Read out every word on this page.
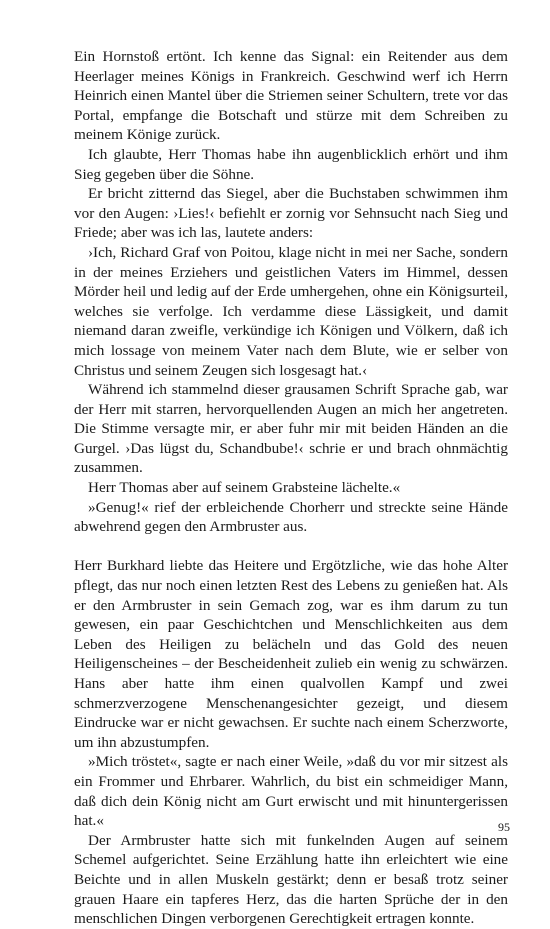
Ein Hornstoß ertönt. Ich kenne das Signal: ein Reitender aus dem Heerlager meines Königs in Frankreich. Geschwind werf ich Herrn Heinrich einen Mantel über die Striemen seiner Schultern, trete vor das Portal, empfange die Botschaft und stürze mit dem Schreiben zu meinem Könige zurück.

Ich glaubte, Herr Thomas habe ihn augenblicklich erhört und ihm Sieg gegeben über die Söhne.

Er bricht zitternd das Siegel, aber die Buchstaben schwimmen ihm vor den Augen: ›Lies!‹ befiehlt er zornig vor Sehnsucht nach Sieg und Friede; aber was ich las, lautete anders:

›Ich, Richard Graf von Poitou, klage nicht in mei ner Sache, sondern in der meines Erziehers und geistlichen Vaters im Himmel, dessen Mörder heil und ledig auf der Erde umhergehen, ohne ein Königsurteil, welches sie verfolge. Ich verdamme diese Lässigkeit, und damit niemand daran zweifle, verkündige ich Königen und Völkern, daß ich mich lossage von meinem Vater nach dem Blute, wie er selber von Christus und seinem Zeugen sich losgesagt hat.‹

Während ich stammelnd dieser grausamen Schrift Sprache gab, war der Herr mit starren, hervorquellenden Augen an mich her angetreten. Die Stimme versagte mir, er aber fuhr mir mit beiden Händen an die Gurgel. ›Das lügst du, Schandbube!‹ schrie er und brach ohnmächtig zusammen.

Herr Thomas aber auf seinem Grabsteine lächelte.«

»Genug!« rief der erbleichende Chorherr und streckte seine Hände abwehrend gegen den Armbruster aus.

Herr Burkhard liebte das Heitere und Ergötzliche, wie das hohe Alter pflegt, das nur noch einen letzten Rest des Lebens zu genießen hat. Als er den Armbruster in sein Gemach zog, war es ihm darum zu tun gewesen, ein paar Geschichtchen und Menschlichkeiten aus dem Leben des Heiligen zu belächeln und das Gold des neuen Heiligenscheines – der Bescheidenheit zulieb ein wenig zu schwärzen. Hans aber hatte ihm einen qualvollen Kampf und zwei schmerzverzogene Menschenangesichter gezeigt, und diesem Eindrucke war er nicht gewachsen. Er suchte nach einem Scherzworte, um ihn abzustumpfen.

»Mich tröstet«, sagte er nach einer Weile, »daß du vor mir sitzest als ein Frommer und Ehrbarer. Wahrlich, du bist ein schmeidiger Mann, daß dich dein König nicht am Gurt erwischt und mit hinuntergerissen hat.«

Der Armbruster hatte sich mit funkelnden Augen auf seinem Schemel aufgerichtet. Seine Erzählung hatte ihn erleichtert wie eine Beichte und in allen Muskeln gestärkt; denn er besaß trotz seiner grauen Haare ein tapferes Herz, das die harten Sprüche der in den menschlichen Dingen verborgenen Gerechtigkeit ertragen konnte.

95
